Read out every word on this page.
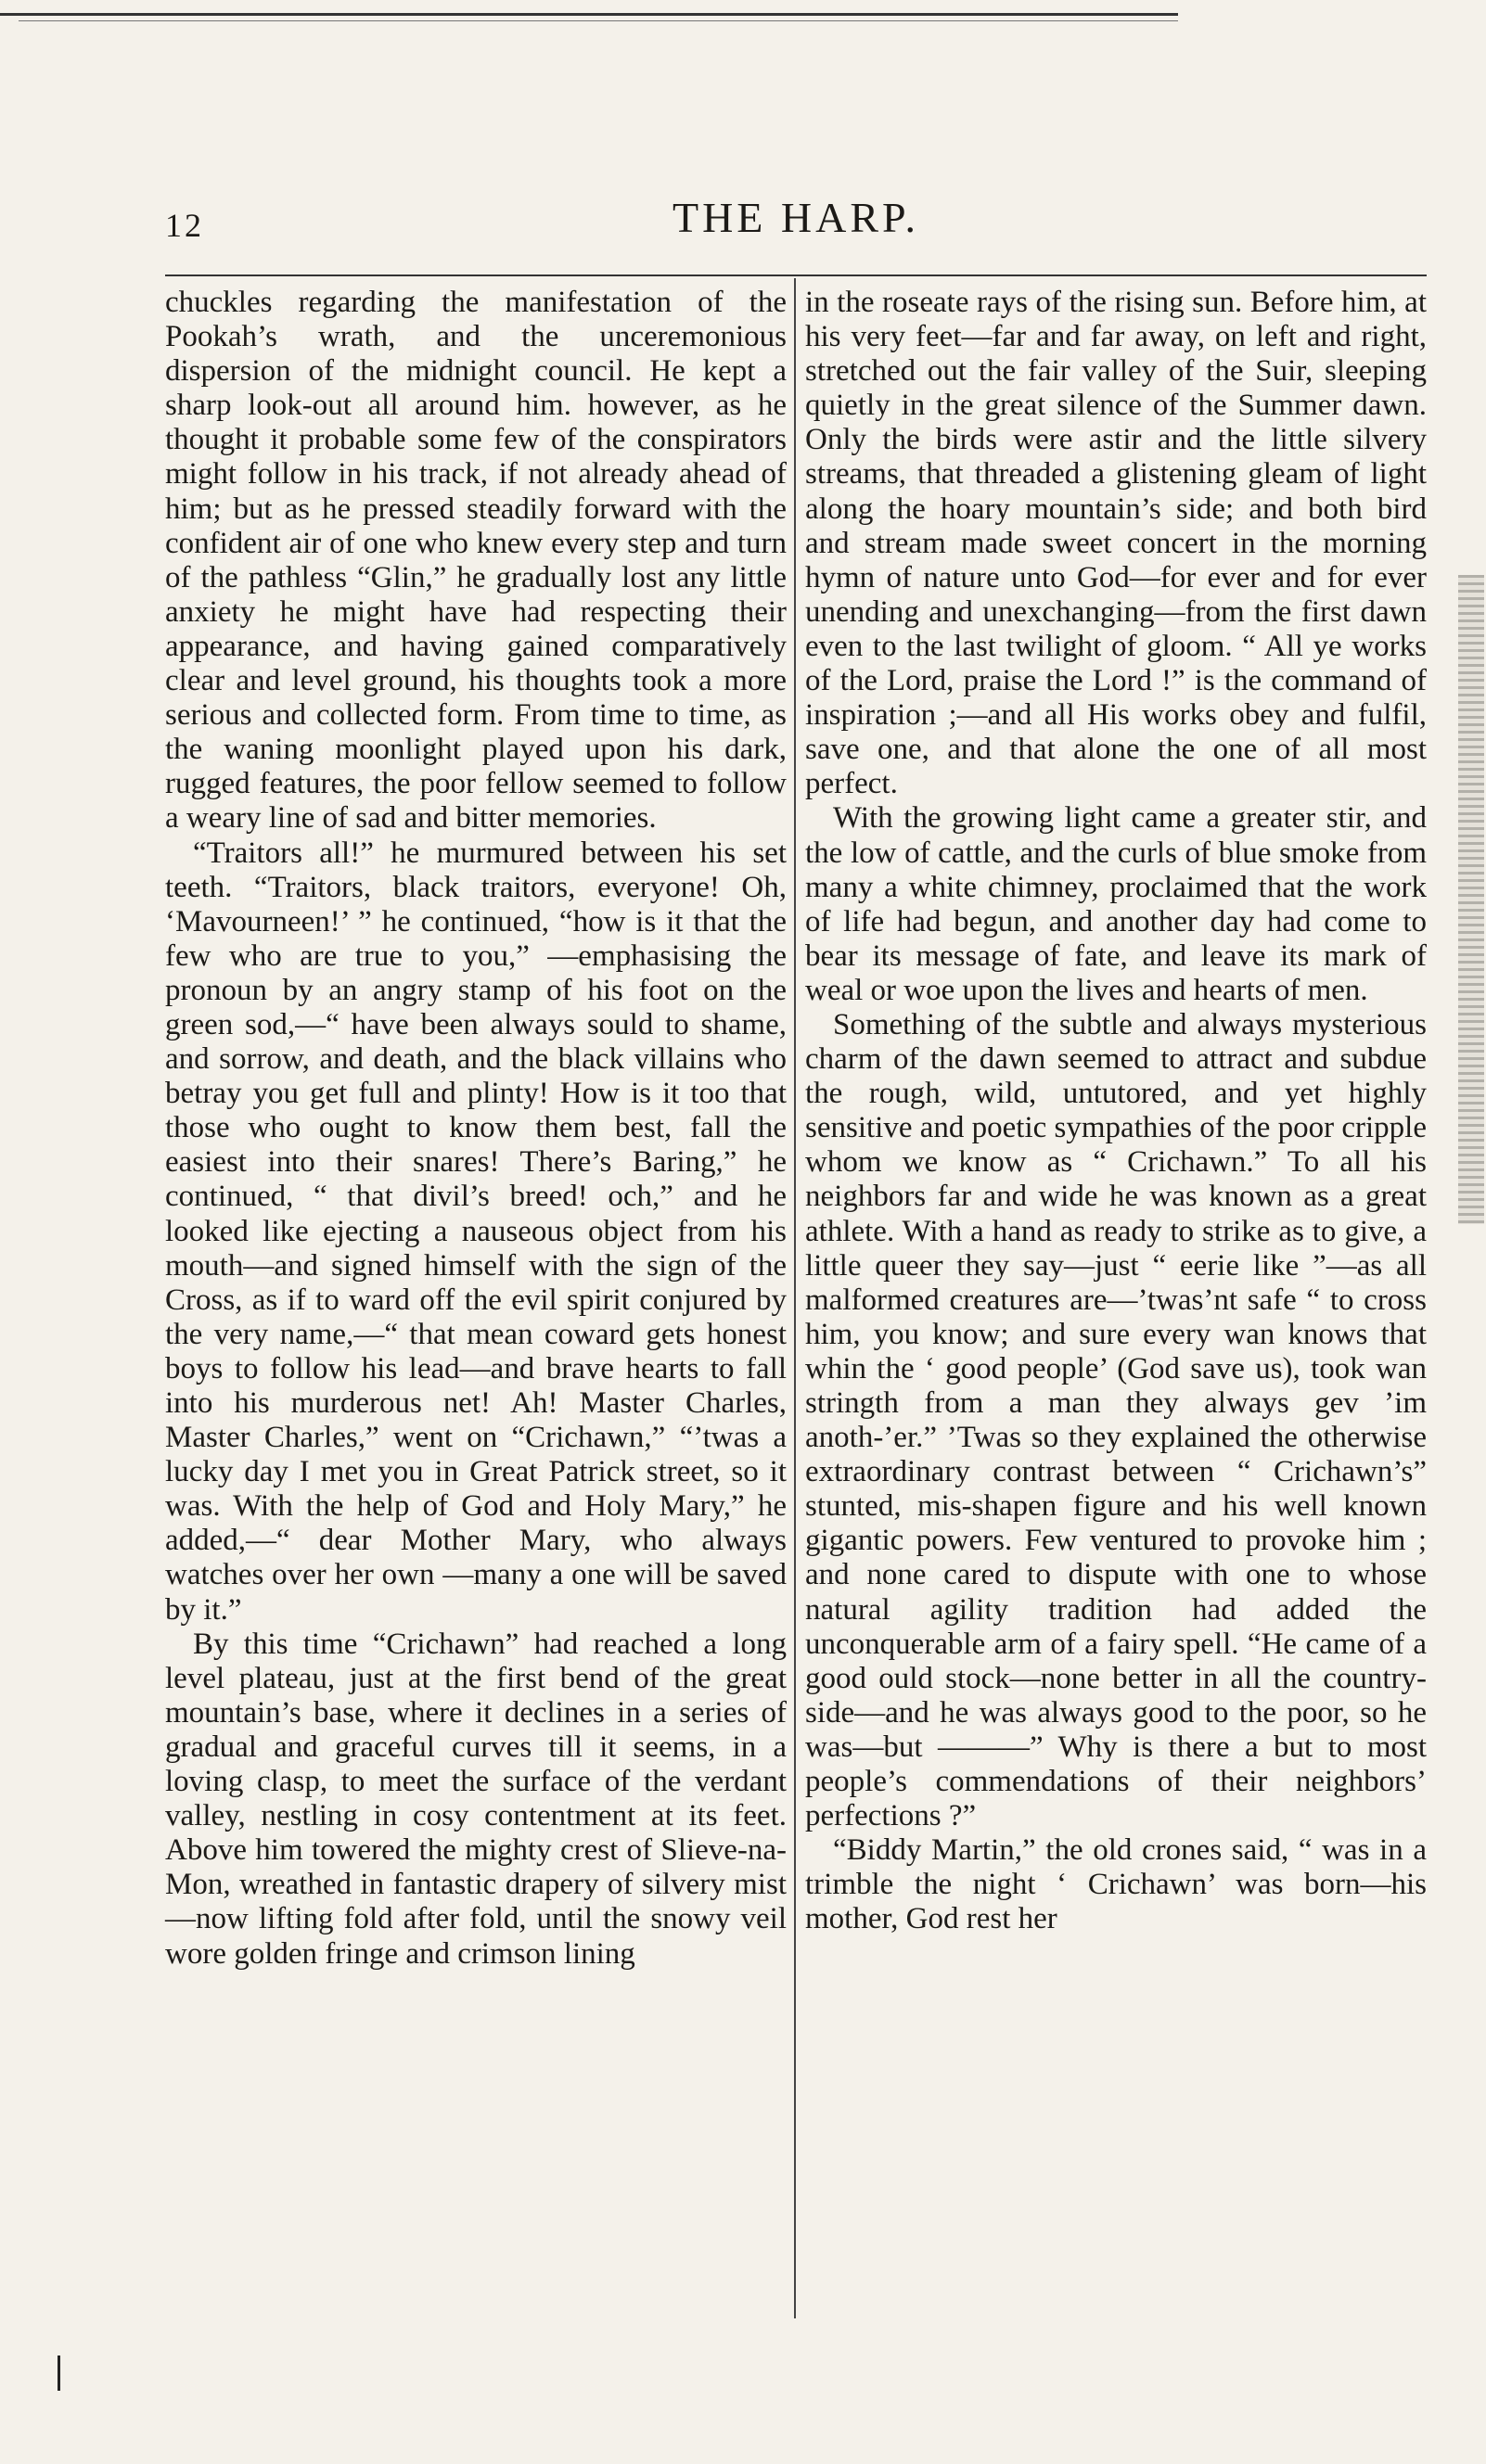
12	THE HARP.

chuckles regarding the manifestation of the Pookah’s wrath, and the unceremonious dispersion of the midnight council. He kept a sharp look-out all around him. however, as he thought it probable some few of the conspirators might follow in his track, if not already ahead of him; but as he pressed steadily forward with the confident air of one who knew every step and turn of the pathless “Glin,” he gradually lost any little anxiety he might have had respecting their appearance, and having gained comparatively clear and level ground, his thoughts took a more serious and collected form. From time to time, as the waning moonlight played upon his dark, rugged features, the poor fellow seemed to follow a weary line of sad and bitter memories.

“Traitors all!” he murmured between his set teeth. “Traitors, black traitors, everyone! Oh, ‘Mavourneen!’ ” he continued, “how is it that the few who are true to you,” —emphasising the pronoun by an angry stamp of his foot on the green sod,—“ have been always sould to shame, and sorrow, and death, and the black villains who betray you get full and plinty! How is it too that those who ought to know them best, fall the easiest into their snares! There’s Baring,” he continued, “ that divil’s breed! och,” and he looked like ejecting a nauseous object from his mouth—and signed himself with the sign of the Cross, as if to ward off the evil spirit conjured by the very name,—“ that mean coward gets honest boys to follow his lead—and brave hearts to fall into his murderous net! Ah! Master Charles, Master Charles,” went on “Crichawn,” “’twas a lucky day I met you in Great Patrick street, so it was. With the help of God and Holy Mary,” he added,—“ dear Mother Mary, who always watches over her own —many a one will be saved by it.”

By this time “Crichawn” had reached a long level plateau, just at the first bend of the great mountain’s base, where it declines in a series of gradual and graceful curves till it seems, in a loving clasp, to meet the surface of the verdant valley, nestling in cosy contentment at its feet. Above him towered the mighty crest of Slieve-na-Mon, wreathed in fantastic drapery of silvery mist—now lifting fold after fold, until the snowy veil wore golden fringe and crimson lining

in the roseate rays of the rising sun. Before him, at his very feet—far and far away, on left and right, stretched out the fair valley of the Suir, sleeping quietly in the great silence of the Summer dawn. Only the birds were astir and the little silvery streams, that threaded a glistening gleam of light along the hoary mountain’s side; and both bird and stream made sweet concert in the morning hymn of nature unto God—for ever and for ever unending and unexchanging—from the first dawn even to the last twilight of gloom. “ All ye works of the Lord, praise the Lord !” is the command of inspiration ;—and all His works obey and fulfil, save one, and that alone the one of all most perfect.

With the growing light came a greater stir, and the low of cattle, and the curls of blue smoke from many a white chimney, proclaimed that the work of life had begun, and another day had come to bear its message of fate, and leave its mark of weal or woe upon the lives and hearts of men.

Something of the subtle and always mysterious charm of the dawn seemed to attract and subdue the rough, wild, untutored, and yet highly sensitive and poetic sympathies of the poor cripple whom we know as “ Crichawn.” To all his neighbors far and wide he was known as a great athlete. With a hand as ready to strike as to give, a little queer they say—just “ eerie like ”—as all malformed creatures are—’twas’nt safe “ to cross him, you know; and sure every wan knows that whin the ‘ good people’ (God save us), took wan stringth from a man they always gev ’im anoth-’er.” ’Twas so they explained the otherwise extraordinary contrast between “ Crichawn’s” stunted, mis-shapen figure and his well known gigantic powers. Few ventured to provoke him ; and none cared to dispute with one to whose natural agility tradition had added the unconquerable arm of a fairy spell. “He came of a good ould stock—none better in all the country-side—and he was always good to the poor, so he was—but ———” Why is there a but to most people’s commendations of their neighbors’ perfections ?”

“Biddy Martin,” the old crones said, “ was in a trimble the night ‘ Crichawn’ was born—his mother, God rest her
